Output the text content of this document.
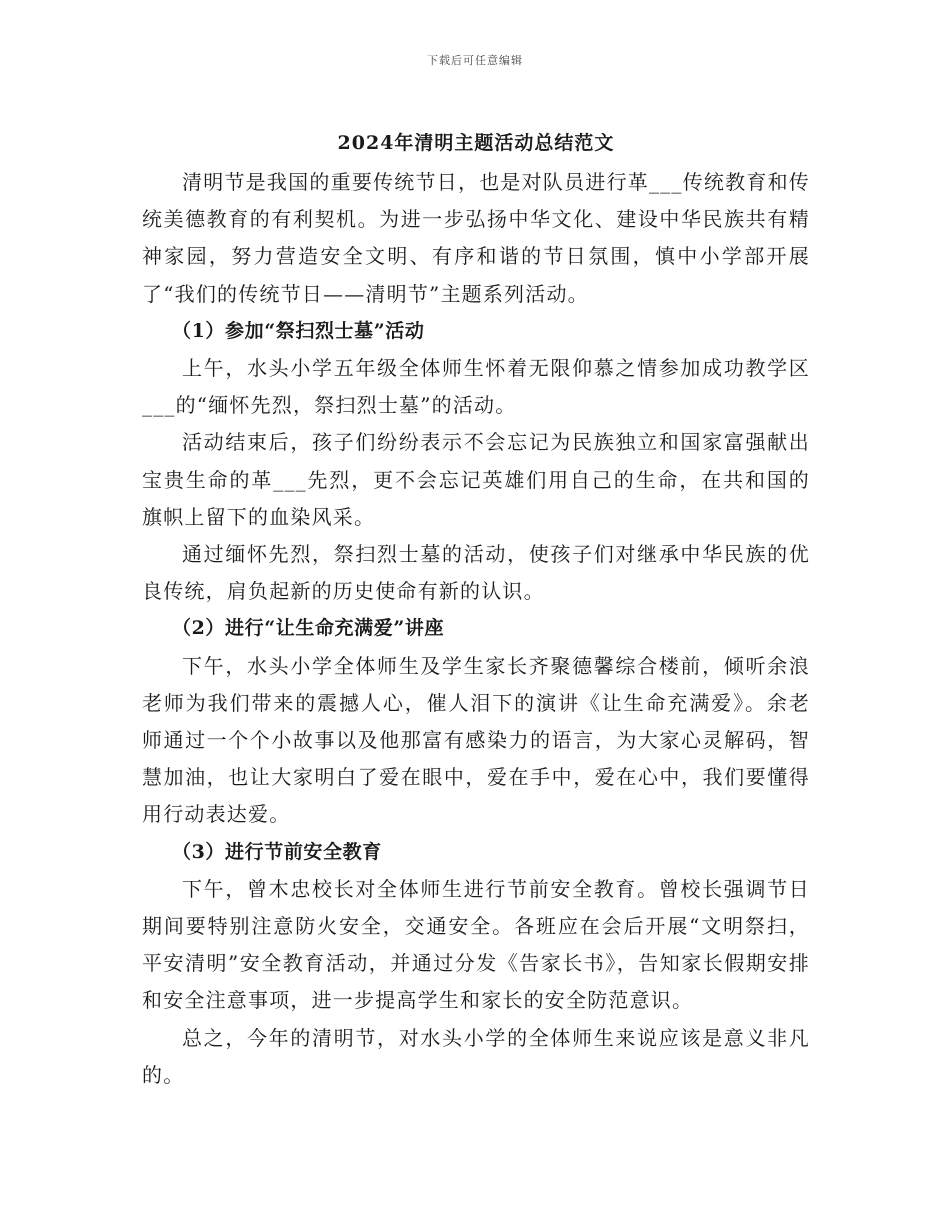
下载后可任意编辑
2024年清明主题活动总结范文

清明节是我国的重要传统节日，也是对队员进行革___传统教育和传统美德教育的有利契机。为进一步弘扬中华文化、建设中华民族共有精神家园，努力营造安全文明、有序和谐的节日氛围，慎中小学部开展了“我们的传统节日——清明节”主题系列活动。

（1）参加“祭扫烈士墓”活动

上午，水头小学五年级全体师生怀着无限仰慕之情参加成功教学区___的“缅怀先烈，祭扫烈士墓”的活动。

活动结束后，孩子们纷纷表示不会忘记为民族独立和国家富强献出宝贵生命的革___先烈，更不会忘记英雄们用自己的生命，在共和国的旗帜上留下的血染风采。

通过缅怀先烈，祭扫烈士墓的活动，使孩子们对继承中华民族的优良传统，肩负起新的历史使命有新的认识。

（2）进行“让生命充满爱”讲座

下午，水头小学全体师生及学生家长齐聚德馨综合楼前，倾听余浪老师为我们带来的震撼人心，催人泪下的演讲《让生命充满爱》。余老师通过一个个小故事以及他那富有感染力的语言，为大家心灵解码，智慧加油，也让大家明白了爱在眼中，爱在手中，爱在心中，我们要懂得用行动表达爱。

（3）进行节前安全教育

下午，曾木忠校长对全体师生进行节前安全教育。曾校长强调节日期间要特别注意防火安全，交通安全。各班应在会后开展“文明祭扫，平安清明”安全教育活动，并通过分发《告家长书》，告知家长假期安排和安全注意事项，进一步提高学生和家长的安全防范意识。

总之，今年的清明节，对水头小学的全体师生来说应该是意义非凡的。
